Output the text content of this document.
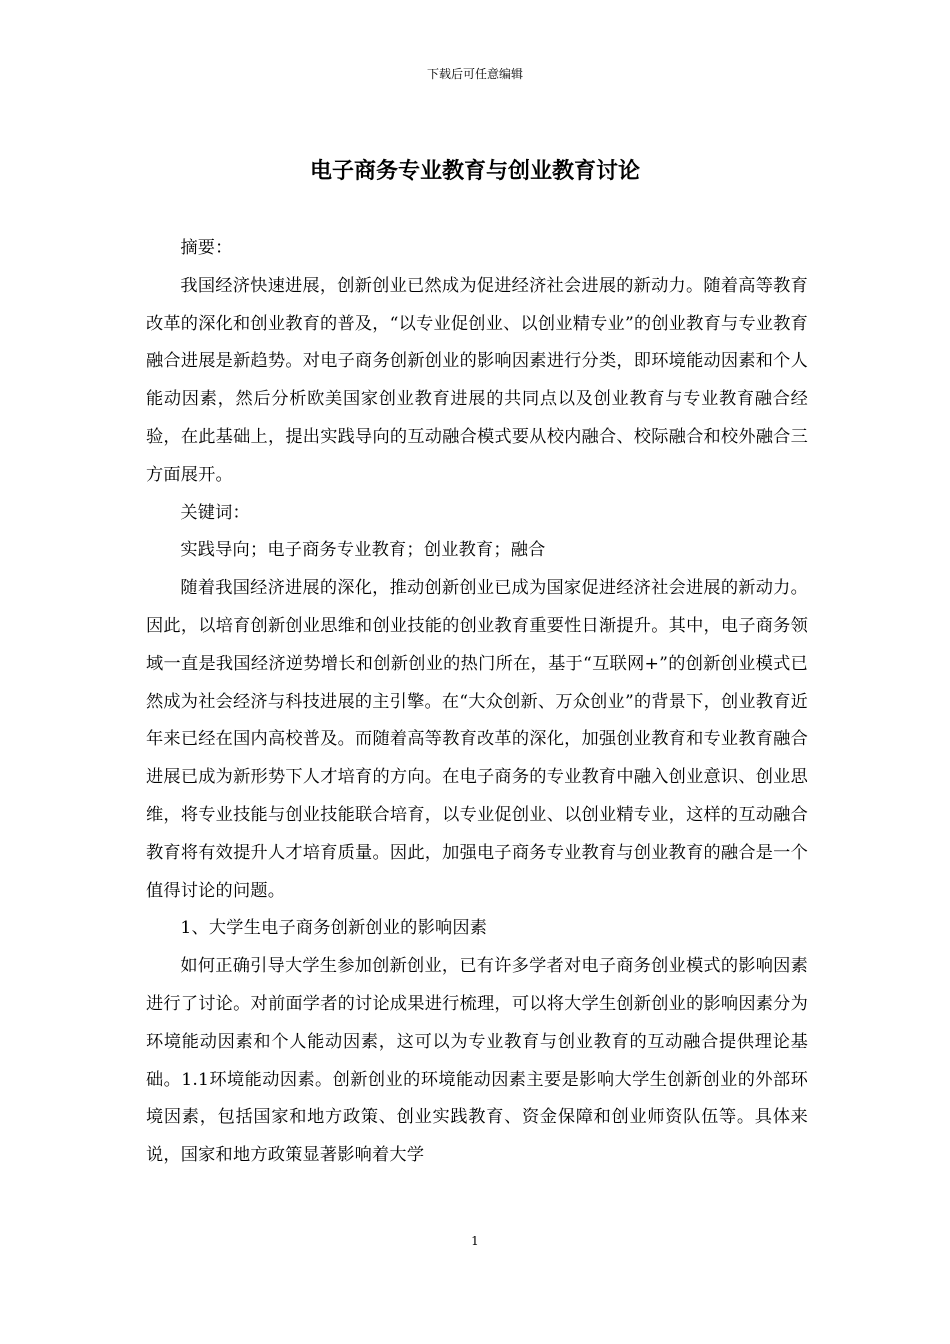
下载后可任意编辑
电子商务专业教育与创业教育讨论

摘要：

我国经济快速进展，创新创业已然成为促进经济社会进展的新动力。随着高等教育改革的深化和创业教育的普及，“以专业促创业、以创业精专业”的创业教育与专业教育融合进展是新趋势。对电子商务创新创业的影响因素进行分类，即环境能动因素和个人能动因素，然后分析欧美国家创业教育进展的共同点以及创业教育与专业教育融合经验，在此基础上，提出实践导向的互动融合模式要从校内融合、校际融合和校外融合三方面展开。

关键词：

实践导向；电子商务专业教育；创业教育；融合

随着我国经济进展的深化，推动创新创业已成为国家促进经济社会进展的新动力。因此，以培育创新创业思维和创业技能的创业教育重要性日渐提升。其中，电子商务领域一直是我国经济逆势增长和创新创业的热门所在，基于“互联网+”的创新创业模式已然成为社会经济与科技进展的主引擎。在“大众创新、万众创业”的背景下，创业教育近年来已经在国内高校普及。而随着高等教育改革的深化，加强创业教育和专业教育融合进展已成为新形势下人才培育的方向。在电子商务的专业教育中融入创业意识、创业思维，将专业技能与创业技能联合培育，以专业促创业、以创业精专业，这样的互动融合教育将有效提升人才培育质量。因此，加强电子商务专业教育与创业教育的融合是一个值得讨论的问题。

1、大学生电子商务创新创业的影响因素

如何正确引导大学生参加创新创业，已有许多学者对电子商务创业模式的影响因素进行了讨论。对前面学者的讨论成果进行梳理，可以将大学生创新创业的影响因素分为环境能动因素和个人能动因素，这可以为专业教育与创业教育的互动融合提供理论基础。1.1环境能动因素。创新创业的环境能动因素主要是影响大学生创新创业的外部环境因素，包括国家和地方政策、创业实践教育、资金保障和创业师资队伍等。具体来说，国家和地方政策显著影响着大学

1
